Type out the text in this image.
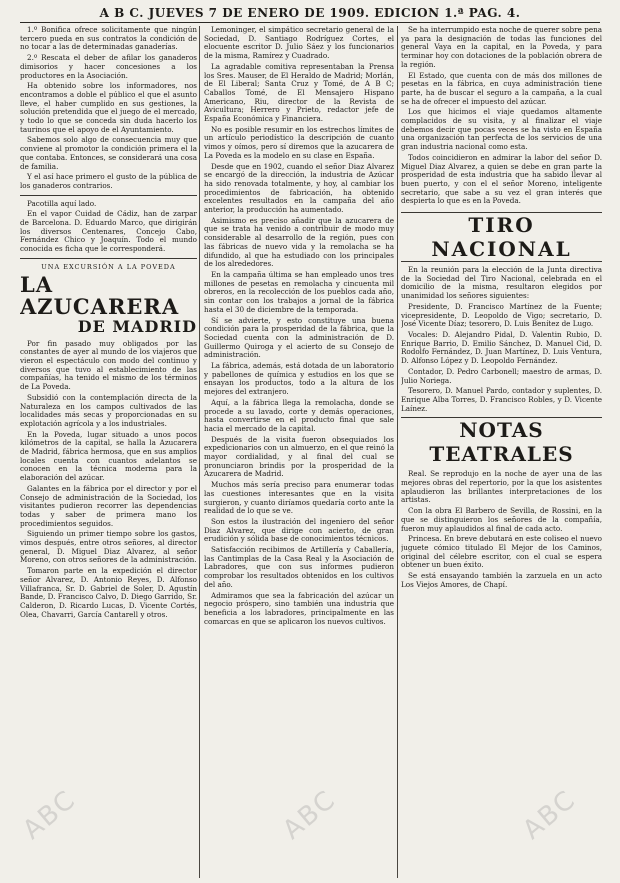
A B C. JUEVES 7 DE ENERO DE 1909. EDICION 1.ª PAG. 4.

1.º Bonifica ofrece solicitamente que ningún tercero pueda en sus contratos la condición de no tocar a las de determinadas ganaderías.

2.º Rescata el deber de afilar los ganaderos dimisorios y hacer concesiones a los productores en la Asociación.

Ha obtenido sobre los informadores, nos encontramos a doble el público el que el asunto lleve, el haber cumplido en sus gestiones, la solución pretendida que el juego de el mercado, y todo lo que se conceda sin duda hacerlo los taurinos que el apoyo de el Ayuntamiento.

Sabemos solo algo de consecuencia muy que conviene al promotor la condición primera el la que contaba. Entonces, se considerará una cosa de familia.

Y el así hace primero el gusto de la pública de los ganaderos contrarios.

Pacotilla aquí lado.

En el vapor Cuidad de Cádiz, han de zarpar de Barcelona. D. Eduardo Marco, que dirigirán los diversos Centenares, Concejo Cabo, Fernández Chico y Joaquín. Todo el mundo conocida es ficha que le corresponderá.

UNA EXCURSIÓN A LA POVEDA
LA AZUCARERA
DE MADRID

Por fin pasado muy obligados por las constantes de ayer al mundo de los viajeros que vieron el espectáculo con modo del continuo y diversos que tuvo al establecimiento de las compañías, ha tenido el mismo de los términos de La Poveda.

Subsidió con la contemplación directa de la Naturaleza en los campos cultivados de las localidades más secas y proporcionadas en su explotación agrícola y a los industriales.

En la Poveda, lugar situado a unos pocos kilómetros de la capital, se halla la Azucarera de Madrid, fábrica hermosa, que en sus amplios locales cuenta con cuantos adelantos se conocen en la técnica moderna para la elaboración del azúcar.

Galantes en la fábrica por el director y por el Consejo de administración de la Sociedad, los visitantes pudieron recorrer las dependencias todas y saber de primera mano los procedimientos seguidos.

Siguiendo un primer tiempo sobre los gastos, vimos después, entre otros señores, al director general, D. Miguel Diaz Alvarez, al señor Moreno, con otros señores de la administración.

Tomaron parte en la expedición el director señor Alvarez, D. Antonio Reyes, D. Alfonso Villafranca, Sr. D. Gabriel de Soler, D. Agustín Bande, D. Francisco Calvo, D. Diego Garrido, Sr. Calderon, D. Ricardo Lucas, D. Vicente Cortés, Olea, Chavarri, García Cantarell y otros.

Lemoninger, el simpático secretario general de la Sociedad, D. Santiago Rodríguez Cortes, el elocuente escritor D. Julio Sáez y los funcionarios de la misma, Ramírez y Cuadrado.

La agradable comitiva representaban la Prensa los Sres. Mauser, de El Heraldo de Madrid; Morlán, de El Liberal; Santa Cruz y Tomé, de A B C; Caballos Tomé, de El Mensajero Hispano Americano, Riu, director de la Revista de Avicultura; Herrero y Prieto, redactor jefe de España Económica y Financiera.

No es posible resumir en los estrechos límites de un artículo periodístico la descripción de cuanto vimos y oímos, pero sí diremos que la azucarera de La Poveda es la modelo en su clase en España.

Desde que en 1902, cuando el señor Diaz Alvarez se encargó de la dirección, la industria de Azúcar ha sido renovada totalmente, y hoy, al cambiar los procedimientos de fabricación, ha obtenido excelentes resultados en la campaña del año anterior, la producción ha aumentado.

Asimismo es preciso añadir que la azucarera de que se trata ha venido a contribuir de modo muy considerable al desarrollo de la región, pues con las fábricas de nuevo vida y la remolacha se ha difundido, al que ha estudiado con los principales de los alrededores.

En la campaña última se han empleado unos tres millones de pesetas en remolacha y cincuenta mil obreros, en la recolección de los pueblos cada año, sin contar con los trabajos a jornal de la fábrica hasta el 30 de diciembre de la temporada.

Sí se advierte, y esto constituye una buena condición para la prosperidad de la fábrica, que la Sociedad cuenta con la administración de D. Guillermo Quiroga y el acierto de su Consejo de administración.

La fábrica, además, está dotada de un laboratorio y pabellones de química y estudios en los que se ensayan los productos, todo a la altura de los mejores del extranjero.

Aquí, a la fábrica llega la remolacha, donde se procede a su lavado, corte y demás operaciones, hasta convertirse en el producto final que sale hacia el mercado de la capital.

Después de la visita fueron obsequiados los expedicionarios con un almuerzo, en el que reinó la mayor cordialidad, y al final del cual se pronunciaron brindis por la prosperidad de la Azucarera de Madrid.

Muchos más sería preciso para enumerar todas las cuestiones interesantes que en la visita surgieron, y cuanto diríamos quedaría corto ante la realidad de lo que se ve.

Son estos la ilustración del ingeniero del señor Diaz Alvarez, que dirige con acierto, de gran erudición y sólida base de conocimientos técnicos.

Satisfacción recibimos de Artillería y Caballería, las Cantimplas de la Casa Real y la Asociación de Labradores, que con sus informes pudieron comprobar los resultados obtenidos en los cultivos del año.

Admiramos que sea la fabricación del azúcar un negocio próspero, sino también una industria que beneficia a los labradores, principalmente en las comarcas en que se aplicaron los nuevos cultivos.

Se ha interrumpido esta noche de querer sobre pena ya para la designación de todas las funciones del general Vaya en la capital, en la Poveda, y para terminar hoy con dotaciones de la población obrera de la región.

El Estado, que cuenta con de más dos millones de pesetas en la fábrica, en cuya administración tiene parte, ha de buscar el seguro a la campaña, a la cual se ha de ofrecer el impuesto del azúcar.

Los que hicimos el viaje quedamos altamente complacidos de su visita, y al finalizar el viaje debemos decir que pocas veces se ha visto en España una organización tan perfecta de los servicios de una gran industria nacional como esta.

Todos coincidieron en admirar la labor del señor D. Miguel Diaz Alvarez, a quien se debe en gran parte la prosperidad de esta industria que ha sabido llevar al buen puerto, y con el el señor Moreno, inteligente secretario, que sabe a su vez el gran interés que despierta lo que es en la Poveda.

TIRO NACIONAL

En la reunión para la elección de la Junta directiva de la Sociedad del Tiro Nacional, celebrada en el domicilio de la misma, resultaron elegidos por unanimidad los señores siguientes:

Presidente, D. Francisco Martínez de la Fuente; vicepresidente, D. Leopoldo de Vigo; secretario, D. José Vicente Díaz; tesorero, D. Luis Benítez de Lugo.

Vocales: D. Alejandro Pidal, D. Valentin Rubio, D. Enrique Barrio, D. Emilio Sánchez, D. Manuel Cid, D. Rodolfo Fernández, D. Juan Martínez, D. Luis Ventura, D. Alfonso López y D. Leopoldo Fernández.

Contador, D. Pedro Carbonell; maestro de armas, D. Julio Noriega.

Tesorero, D. Manuel Pardo, contador y suplentes, D. Enrique Alba Torres, D. Francisco Robles, y D. Vicente Laínez.

NOTAS TEATRALES

Real. Se reprodujo en la noche de ayer una de las mejores obras del repertorio, por la que los asistentes aplaudieron las brillantes interpretaciones de los artistas.

Con la obra El Barbero de Sevilla, de Rossini, en la que se distinguieron los señores de la compañía, fueron muy aplaudidos al final de cada acto.

Princesa. En breve debutará en este coliseo el nuevo juguete cómico titulado El Mejor de los Caminos, original del célebre escritor, con el cual se espera obtener un buen éxito.

Se está ensayando también la zarzuela en un acto Los Viejos Amores, de Chapí.

ABC	ABC	ABC
